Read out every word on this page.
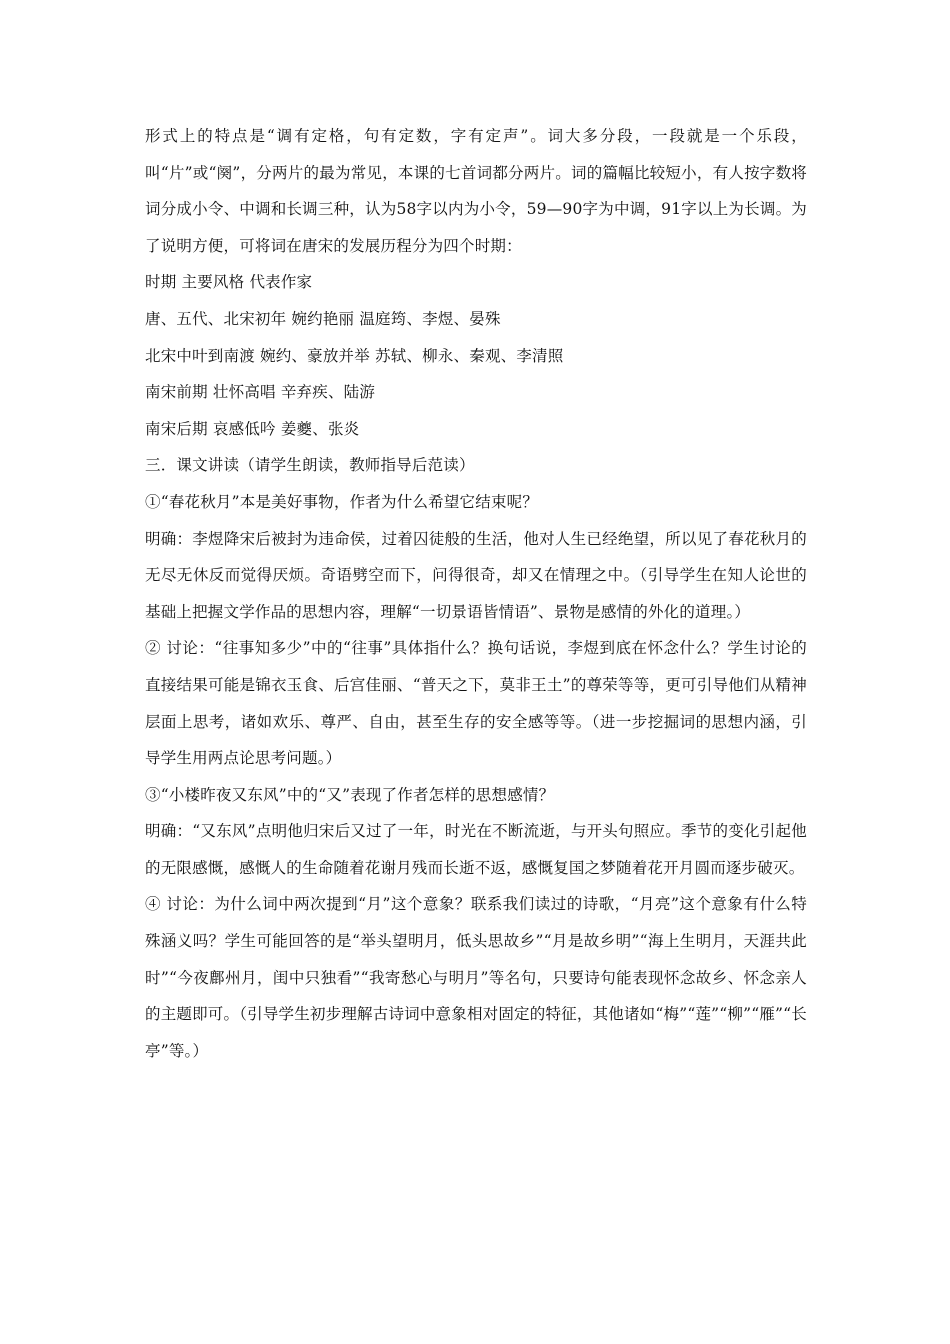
形式上的特点是“调有定格，句有定数，字有定声”。词大多分段，一段就是一个乐段，叫“片”或“阕”，分两片的最为常见，本课的七首词都分两片。词的篇幅比较短小，有人按字数将词分成小令、中调和长调三种，认为58字以内为小令，59—90字为中调，91字以上为长调。为了说明方便，可将词在唐宋的发展历程分为四个时期：

时期 主要风格 代表作家

唐、五代、北宋初年 婉约艳丽 温庭筠、李煜、晏殊

北宋中叶到南渡 婉约、豪放并举 苏轼、柳永、秦观、李清照

南宋前期 壮怀高唱 辛弃疾、陆游

南宋后期 哀感低吟 姜夔、张炎

三．课文讲读（请学生朗读，教师指导后范读）

①“春花秋月”本是美好事物，作者为什么希望它结束呢？

明确：李煜降宋后被封为违命侯，过着囚徒般的生活，他对人生已经绝望，所以见了春花秋月的无尽无休反而觉得厌烦。奇语劈空而下，问得很奇，却又在情理之中。（引导学生在知人论世的基础上把握文学作品的思想内容，理解“一切景语皆情语”、景物是感情的外化的道理。）

② 讨论：“往事知多少”中的“往事”具体指什么？换句话说，李煜到底在怀念什么？学生讨论的直接结果可能是锦衣玉食、后宫佳丽、“普天之下，莫非王土”的尊荣等等，更可引导他们从精神层面上思考，诸如欢乐、尊严、自由，甚至生存的安全感等等。（进一步挖掘词的思想内涵，引导学生用两点论思考问题。）

③“小楼昨夜又东风”中的“又”表现了作者怎样的思想感情？

明确：“又东风”点明他归宋后又过了一年，时光在不断流逝，与开头句照应。季节的变化引起他的无限感慨，感慨人的生命随着花谢月残而长逝不返，感慨复国之梦随着花开月圆而逐步破灭。

④ 讨论：为什么词中两次提到“月”这个意象？联系我们读过的诗歌，“月亮”这个意象有什么特殊涵义吗？学生可能回答的是“举头望明月，低头思故乡”“月是故乡明”“海上生明月，天涯共此时”“今夜鄜州月，闺中只独看”“我寄愁心与明月”等名句，只要诗句能表现怀念故乡、怀念亲人的主题即可。（引导学生初步理解古诗词中意象相对固定的特征，其他诸如“梅”“莲”“柳”“雁”“长亭”等。）
